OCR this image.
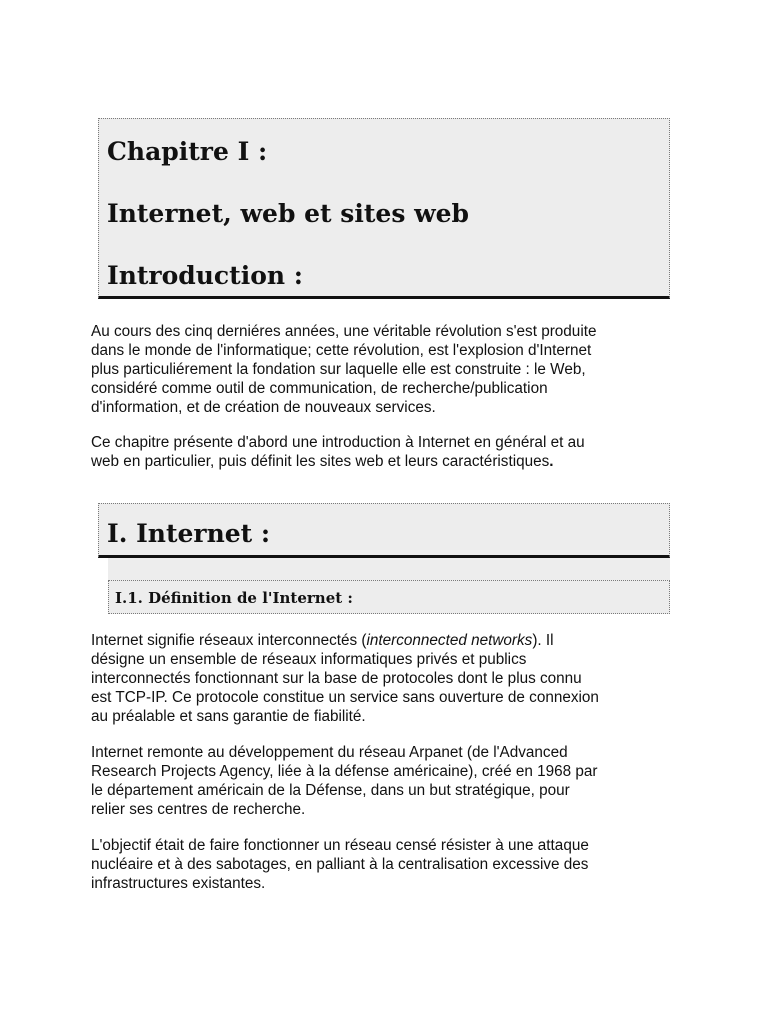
Chapitre I :
Internet, web et sites web
Introduction :

Au cours des cinq derniéres années, une véritable révolution s'est produite
dans le monde de l'informatique; cette révolution, est l'explosion d'Internet
plus particuliérement la fondation sur laquelle elle est construite : le Web,
considéré comme outil de communication, de recherche/publication
d'information, et de création de nouveaux services.

Ce chapitre présente d'abord une introduction à Internet en général et au
web en particulier, puis définit les sites web et leurs caractéristiques.

I. Internet :
I.1. Définition de l'Internet :

Internet signifie réseaux interconnectés (interconnected networks). Il
désigne un ensemble de réseaux informatiques privés et publics
interconnectés fonctionnant sur la base de protocoles dont le plus connu
est TCP-IP. Ce protocole constitue un service sans ouverture de connexion
au préalable et sans garantie de fiabilité.

Internet remonte au développement du réseau Arpanet (de l'Advanced
Research Projects Agency, liée à la défense américaine), créé en 1968 par
le département américain de la Défense, dans un but stratégique, pour
relier ses centres de recherche.

L'objectif était de faire fonctionner un réseau censé résister à une attaque
nucléaire et à des sabotages, en palliant à la centralisation excessive des
infrastructures existantes.
